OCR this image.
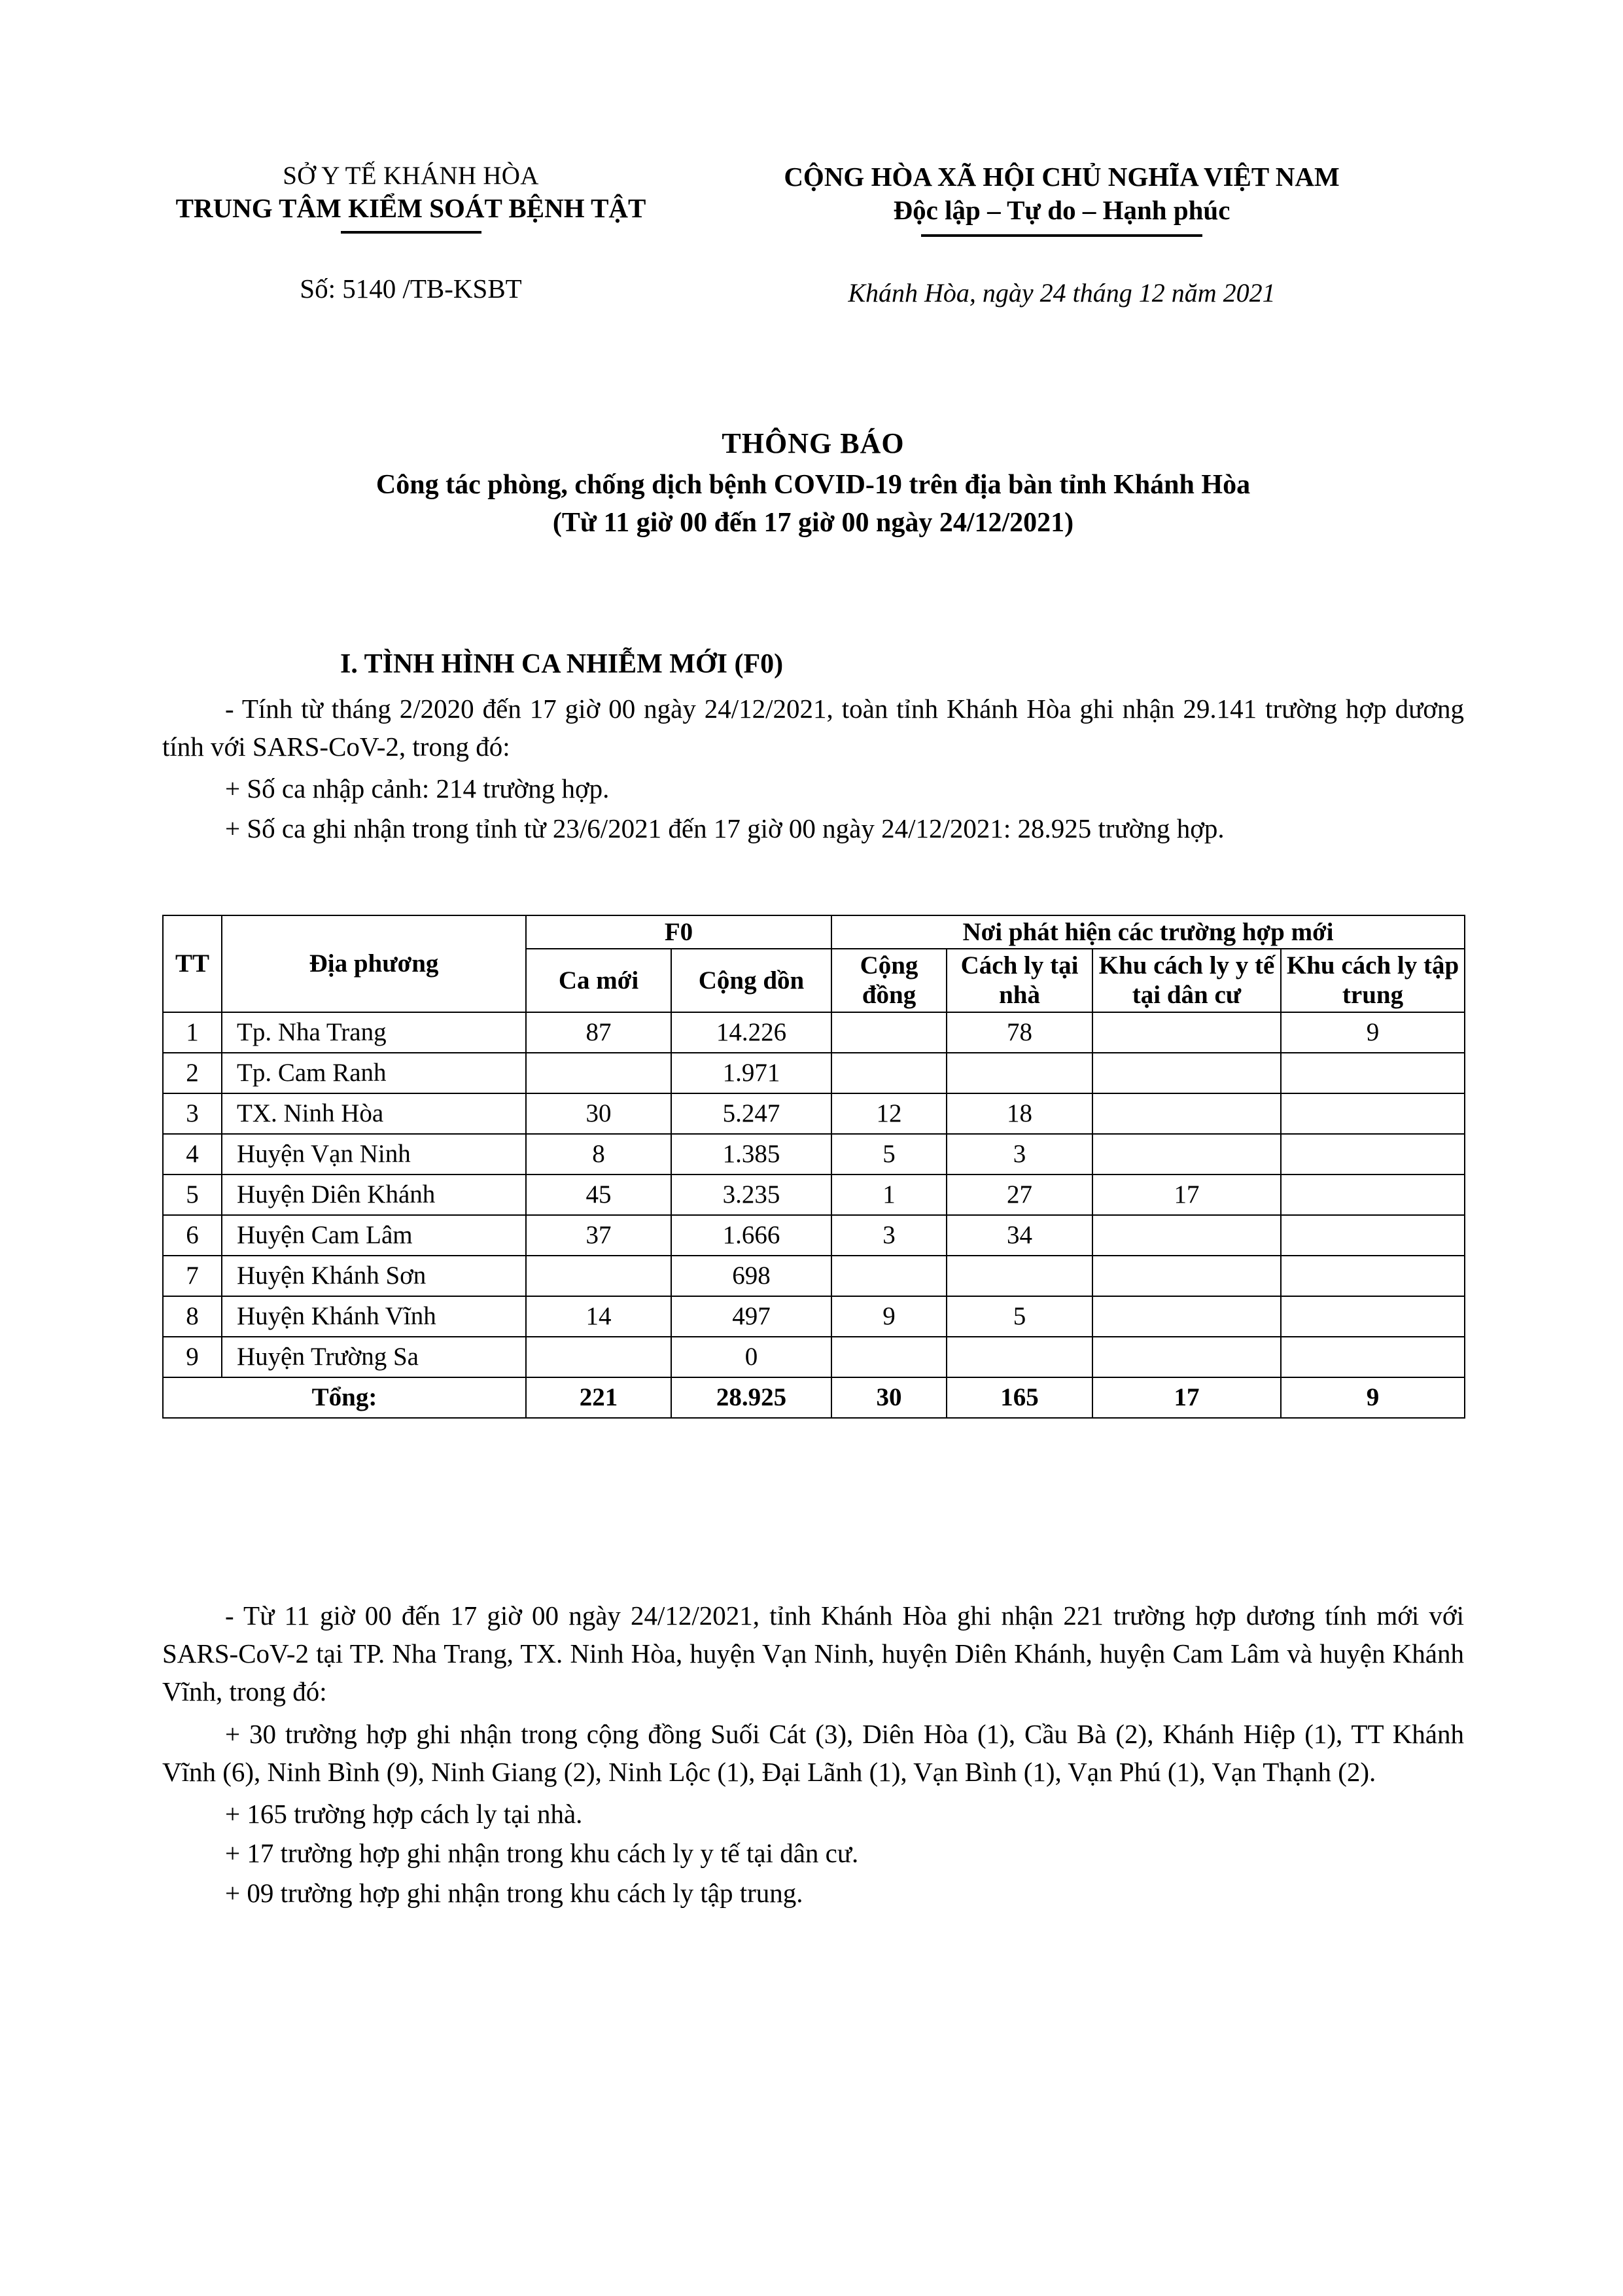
SỞ Y TẾ KHÁNH HÒA
TRUNG TÂM KIỂM SOÁT BỆNH TẬT
Số: 5140 /TB-KSBT
CỘNG HÒA XÃ HỘI CHỦ NGHĨA VIỆT NAM
Độc lập – Tự do – Hạnh phúc
Khánh Hòa, ngày 24 tháng 12 năm 2021
THÔNG BÁO
Công tác phòng, chống dịch bệnh COVID-19 trên địa bàn tỉnh Khánh Hòa
(Từ 11 giờ 00 đến 17 giờ 00 ngày 24/12/2021)
I. TÌNH HÌNH CA NHIỄM MỚI (F0)

- Tính từ tháng 2/2020 đến 17 giờ 00 ngày 24/12/2021, toàn tỉnh Khánh Hòa ghi nhận 29.141 trường hợp dương tính với SARS-CoV-2, trong đó:

+ Số ca nhập cảnh: 214 trường hợp.

+ Số ca ghi nhận trong tỉnh từ 23/6/2021 đến 17 giờ 00 ngày 24/12/2021: 28.925 trường hợp.

TT	Địa phương	F0		Nơi phát hiện các trường hợp mới			
		Ca mới	Cộng dồn	Cộng đồng	Cách ly tại nhà	Khu cách ly y tế tại dân cư	Khu cách ly tập trung
1	Tp. Nha Trang	87	14.226		78		9
2	Tp. Cam Ranh		1.971				
3	TX. Ninh Hòa	30	5.247	12	18		
4	Huyện Vạn Ninh	8	1.385	5	3		
5	Huyện Diên Khánh	45	3.235	1	27	17	
6	Huyện Cam Lâm	37	1.666	3	34		
7	Huyện Khánh Sơn		698				
8	Huyện Khánh Vĩnh	14	497	9	5		
9	Huyện Trường Sa		0				
Tổng:		221	28.925	30	165	17	9

- Từ 11 giờ 00 đến 17 giờ 00 ngày 24/12/2021, tỉnh Khánh Hòa ghi nhận 221 trường hợp dương tính mới với SARS-CoV-2 tại TP. Nha Trang, TX. Ninh Hòa, huyện Vạn Ninh, huyện Diên Khánh, huyện Cam Lâm và huyện Khánh Vĩnh, trong đó:

+ 30 trường hợp ghi nhận trong cộng đồng Suối Cát (3), Diên Hòa (1), Cầu Bà (2), Khánh Hiệp (1), TT Khánh Vĩnh (6), Ninh Bình (9), Ninh Giang (2), Ninh Lộc (1), Đại Lãnh (1), Vạn Bình (1), Vạn Phú (1), Vạn Thạnh (2).

+ 165 trường hợp cách ly tại nhà.

+ 17 trường hợp ghi nhận trong khu cách ly y tế tại dân cư.

+ 09 trường hợp ghi nhận trong khu cách ly tập trung.
